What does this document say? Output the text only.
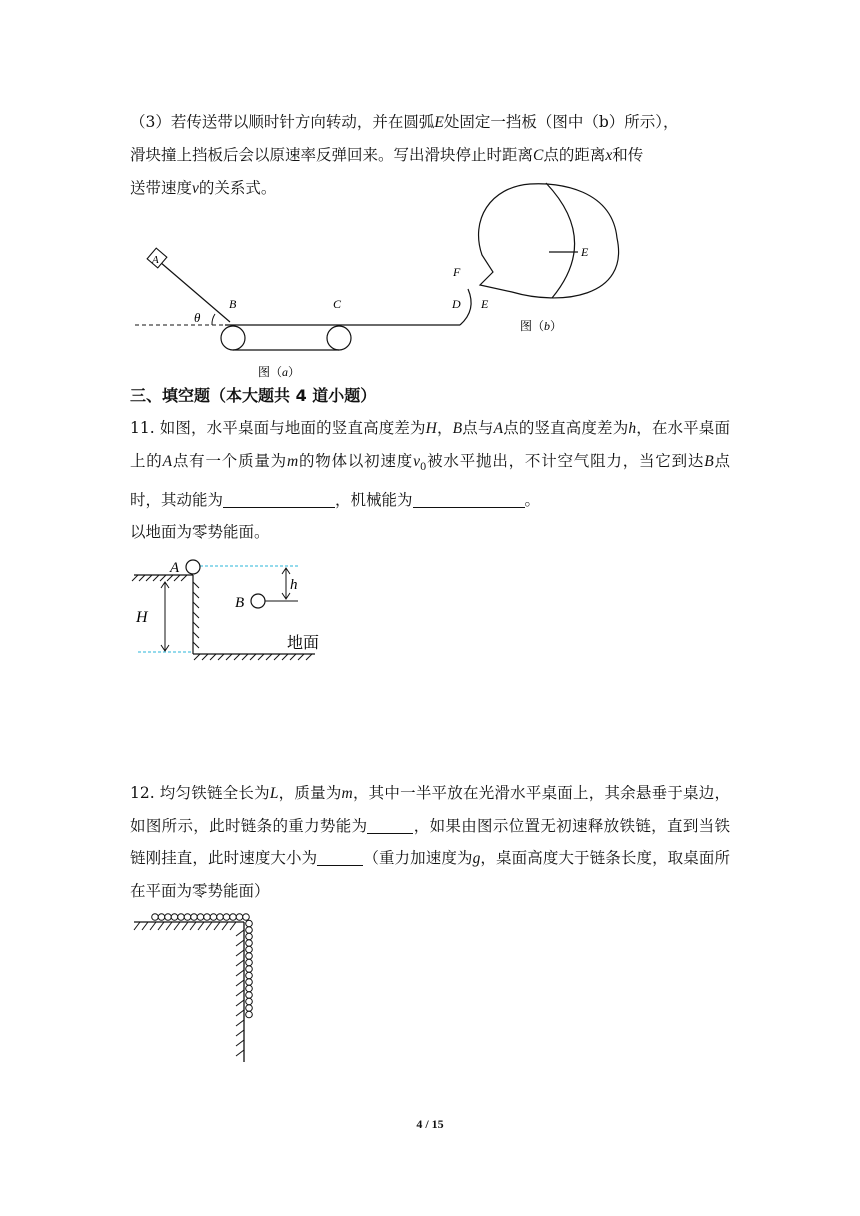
（3）若传送带以顺时针方向转动，并在圆弧E处固定一挡板（图中（b）所示），
滑块撞上挡板后会以原速率反弹回来。写出滑块停止时距离C点的距离x和传
送带速度v的关系式。

A
θ
B	C	D E
F
图（a）
E
图（b）

三、填空题（本大题共 4 道小题）

11. 如图，水平桌面与地面的竖直高度差为H，B点与A点的竖直高度差为h，在水平桌面上的A点有一个质量为m的物体以初速度$v_0$被水平抛出，不计空气阻力，当它到达B点时，其动能为	，机械能为	。
以地面为零势能面。

A
B
h
H
地面

12. 均匀铁链全长为L，质量为m，其中一半平放在光滑水平桌面上，其余悬垂于桌边，如图所示，此时链条的重力势能为	，如果由图示位置无初速释放铁链，直到当铁链刚挂直，此时速度大小为	（重力加速度为g，桌面高度大于链条长度，取桌面所在平面为零势能面）

4 / 15
